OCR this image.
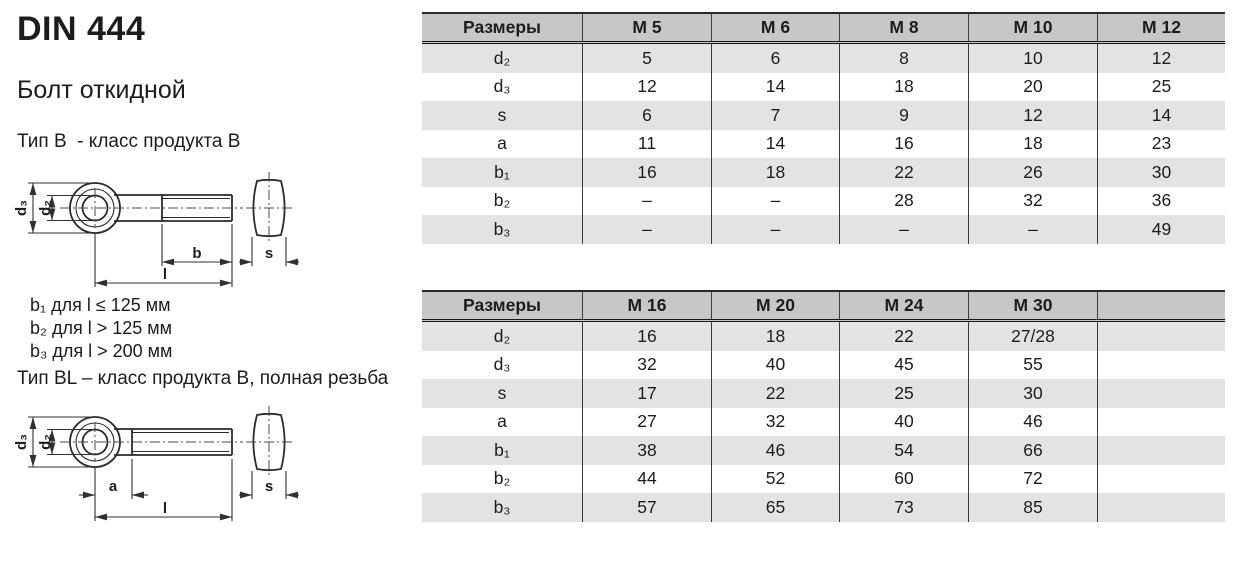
DIN 444
Болт откидной
Тип B  - класс продукта B
d₃ d₂
b
l
s
b₁ для l ≤ 125 мм
b₂ для l > 125 мм
b₃ для l > 200 мм
Тип BL – класс продукта B, полная резьба
d₃ d₂
a
l
s
Размеры	M 5	M 6	M 8	M 10	M 12
d₂	5	6	8	10	12
d₃	12	14	18	20	25
s	6	7	9	12	14
a	11	14	16	18	23
b₁	16	18	22	26	30
b₂	–	–	28	32	36
b₃	–	–	–	–	49
Размеры	M 16	M 20	M 24	M 30
d₂	16	18	22	27/28
d₃	32	40	45	55
s	17	22	25	30
a	27	32	40	46
b₁	38	46	54	66
b₂	44	52	60	72
b₃	57	65	73	85
